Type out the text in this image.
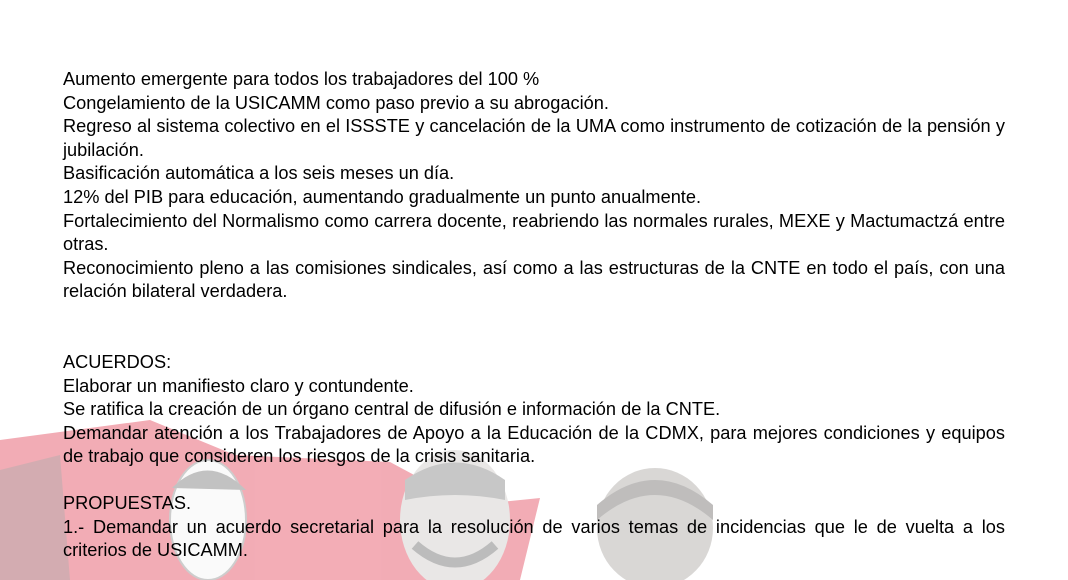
Aumento emergente para todos los trabajadores del 100 %

Congelamiento de la USICAMM como paso previo a su abrogación.

Regreso al sistema colectivo en el ISSSTE y cancelación de la UMA como instrumento de cotización de la pensión y jubilación.

Basificación automática a los seis meses un día.

12% del PIB para educación, aumentando gradualmente un punto anualmente.

Fortalecimiento del Normalismo como carrera docente, reabriendo las normales rurales, MEXE y Mactumactzá entre otras.

Reconocimiento pleno a las comisiones sindicales, así como a las estructuras de la CNTE en todo el país, con una relación bilateral verdadera.

ACUERDOS:

Elaborar un manifiesto claro y contundente.

Se ratifica la creación de un órgano central de difusión e información de la CNTE.

Demandar atención a los Trabajadores de Apoyo a la Educación de la CDMX, para mejores condiciones y equipos de trabajo que consideren los riesgos de la crisis sanitaria.

PROPUESTAS.

1.- Demandar un acuerdo secretarial para la resolución de varios temas de incidencias que le de vuelta a los criterios de USICAMM.
